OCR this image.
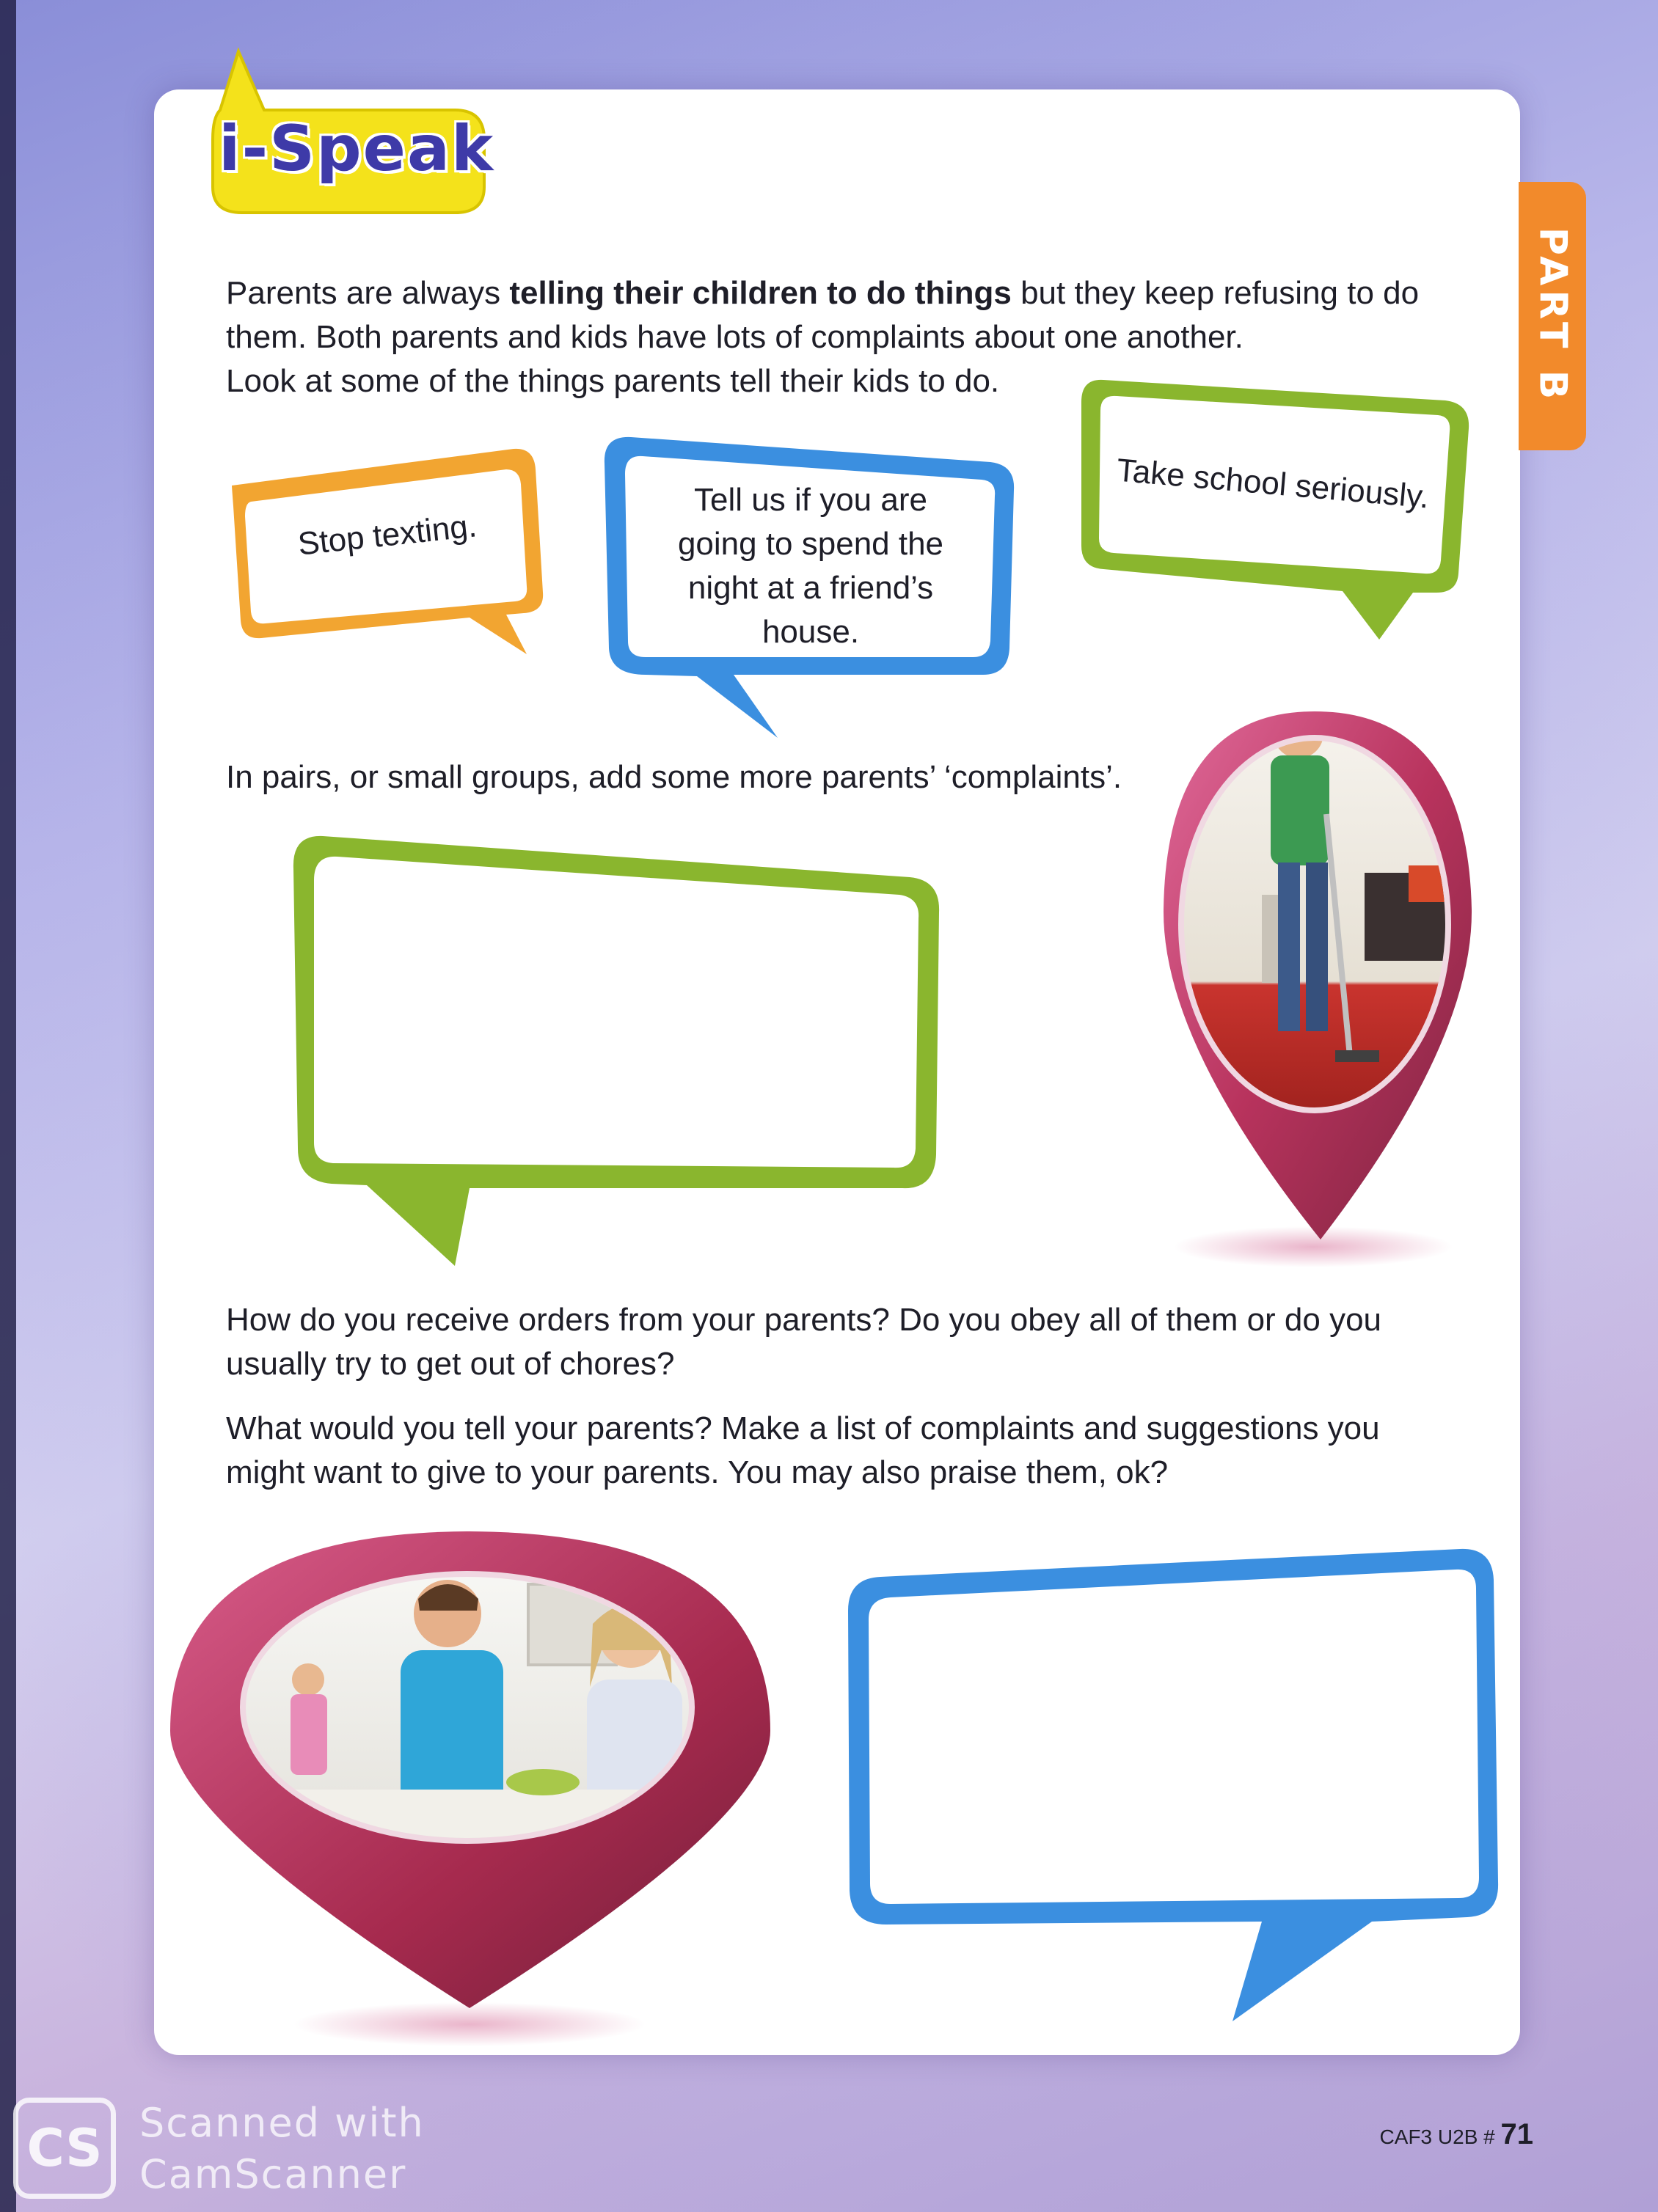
i-Speak
PART B
Parents are always telling their children to do things but they keep refusing to do
them. Both parents and kids have lots of complaints about one another.
Look at some of the things parents tell their kids to do.
Stop texting.
Tell us if you are
going to spend the
night at a friend’s
house.
Take school seriously.
In pairs, or small groups, add some more parents’ ‘complaints’.
How do you receive orders from your parents? Do you obey all of them or do you
usually try to get out of chores?
What would you tell your parents? Make a list of complaints and suggestions you
might want to give to your parents. You may also praise them, ok?
CAF3 U2B # 71
CS Scanned with
CamScanner
